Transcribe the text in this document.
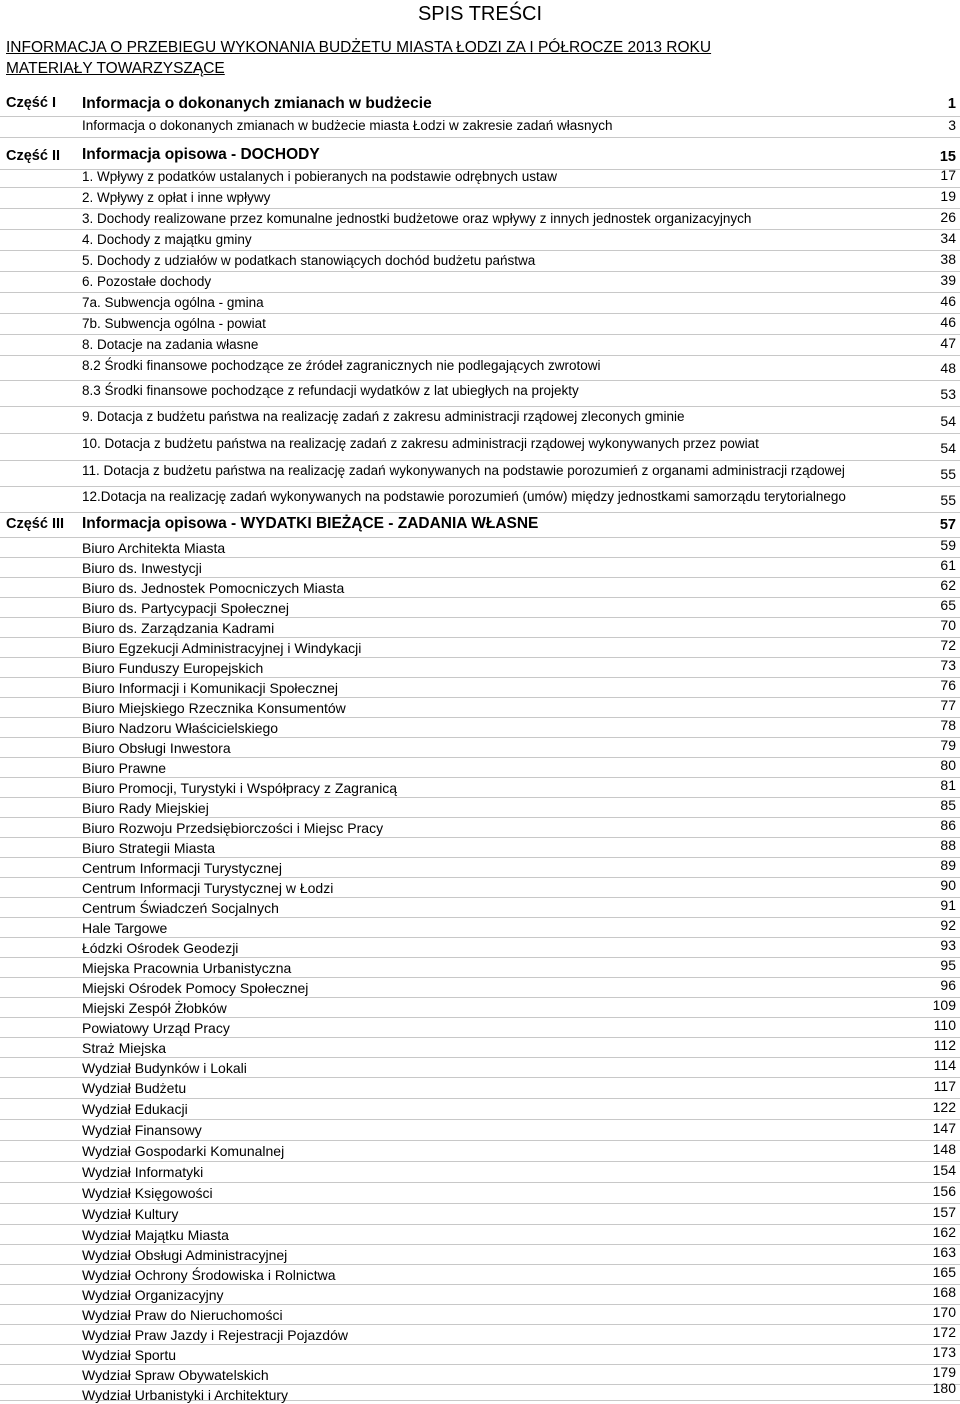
SPIS TREŚCI
INFORMACJA O PRZEBIEGU WYKONANIA BUDŻETU MIASTA ŁODZI ZA I PÓŁROCZE 2013 ROKU
MATERIAŁY TOWARZYSZĄCE
Część I Informacja o dokonanych zmianach w budżecie	1
Informacja o dokonanych zmianach w budżecie miasta Łodzi w zakresie zadań własnych	3
Część II Informacja opisowa - DOCHODY	15
1. Wpływy z podatków ustalanych i pobieranych na podstawie odrębnych ustaw	17
2. Wpływy z opłat i inne wpływy	19
3. Dochody realizowane przez komunalne jednostki budżetowe oraz wpływy z innych jednostek organizacyjnych	26
4. Dochody z majątku gminy	34
5. Dochody z udziałów w podatkach stanowiących dochód budżetu państwa	38
6. Pozostałe dochody	39
7a. Subwencja ogólna - gmina	46
7b. Subwencja ogólna - powiat	46
8. Dotacje na zadania własne	47
8.2 Środki finansowe pochodzące ze źródeł zagranicznych nie podlegających zwrotowi	48
8.3 Środki finansowe pochodzące z refundacji wydatków z lat ubiegłych na projekty	53
9. Dotacja z budżetu państwa na realizację zadań z zakresu administracji rządowej zleconych gminie	54
10. Dotacja z budżetu państwa na realizację zadań z zakresu administracji rządowej wykonywanych przez powiat	54
11. Dotacja z budżetu państwa na realizację zadań wykonywanych na podstawie porozumień z organami administracji rządowej	55
12.Dotacja na realizację zadań wykonywanych na podstawie porozumień (umów) między jednostkami samorządu terytorialnego	55
Część III Informacja opisowa - WYDATKI BIEŻĄCE - ZADANIA WŁASNE	57
Biuro Architekta Miasta	59
Biuro ds. Inwestycji	61
Biuro ds. Jednostek Pomocniczych Miasta	62
Biuro ds. Partycypacji Społecznej	65
Biuro ds. Zarządzania Kadrami	70
Biuro Egzekucji Administracyjnej i Windykacji	72
Biuro Funduszy Europejskich	73
Biuro Informacji i Komunikacji Społecznej	76
Biuro Miejskiego Rzecznika Konsumentów	77
Biuro Nadzoru Właścicielskiego	78
Biuro Obsługi Inwestora	79
Biuro Prawne	80
Biuro Promocji, Turystyki i Współpracy z Zagranicą	81
Biuro Rady Miejskiej	85
Biuro Rozwoju Przedsiębiorczości i Miejsc Pracy	86
Biuro Strategii Miasta	88
Centrum Informacji Turystycznej	89
Centrum Informacji Turystycznej w Łodzi	90
Centrum Świadczeń Socjalnych	91
Hale Targowe	92
Łódzki Ośrodek Geodezji	93
Miejska Pracownia Urbanistyczna	95
Miejski Ośrodek Pomocy Społecznej	96
Miejski Zespół Żłobków	109
Powiatowy Urząd Pracy	110
Straż Miejska	112
Wydział Budynków i Lokali	114
Wydział Budżetu	117
Wydział Edukacji	122
Wydział Finansowy	147
Wydział Gospodarki Komunalnej	148
Wydział Informatyki	154
Wydział Księgowości	156
Wydział Kultury	157
Wydział Majątku Miasta	162
Wydział Obsługi Administracyjnej	163
Wydział Ochrony Środowiska i Rolnictwa	165
Wydział Organizacyjny	168
Wydział Praw do Nieruchomości	170
Wydział Praw Jazdy i Rejestracji Pojazdów	172
Wydział Sportu	173
Wydział Spraw Obywatelskich	179
Wydział Urbanistyki i Architektury	180
